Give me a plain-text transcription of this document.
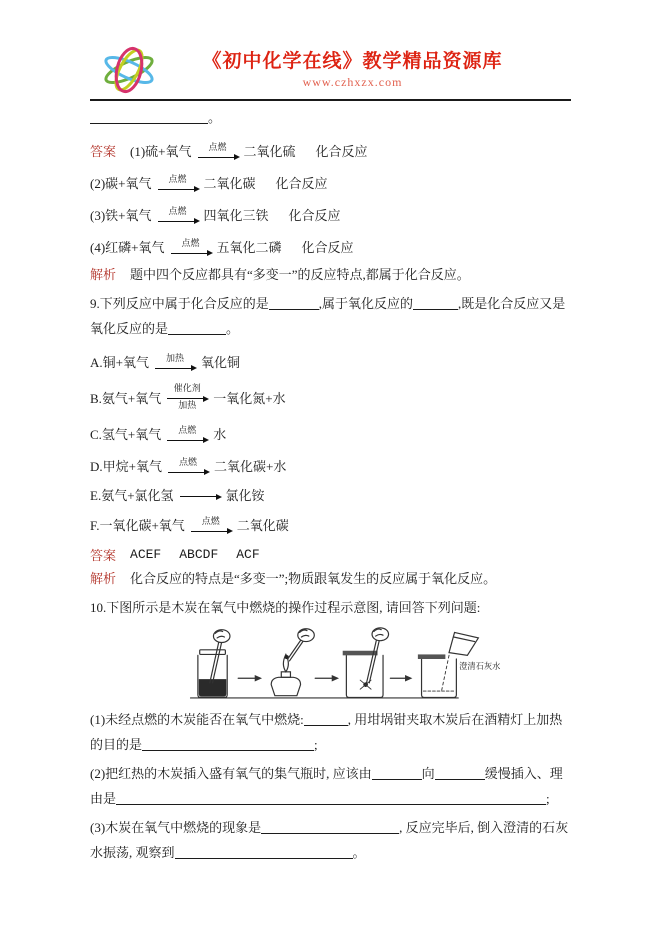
《初中化学在线》教学精品资源库
www.czhxzx.com

。

答案 (1)硫+氧气 点燃 二氧化硫 化合反应
(2)碳+氧气 点燃 二氧化碳 化合反应
(3)铁+氧气 点燃 四氧化三铁 化合反应
(4)红磷+氧气 点燃 五氧化二磷 化合反应

解析 题中四个反应都具有“多变一”的反应特点,都属于化合反应。

9.下列反应中属于化合反应的是	,属于氧化反应的	,既是化合反应又是氧化反应的是	。

A.铜+氧气 加热 氧化铜
B.氨气+氧气
催化剂
加热 一氧化氮+水
C.氢气+氧气 点燃 水
D.甲烷+氧气 点燃 二氧化碳+水
E.氨气+氯化氢	氯化铵
F.一氧化碳+氧气 点燃 二氧化碳
答案 ACEF ABCDF ACF

解析 化合反应的特点是“多变一”;物质跟氧发生的反应属于氧化反应。

10.下图所示是木炭在氧气中燃烧的操作过程示意图, 请回答下列问题:

澄清石灰水

(1)未经点燃的木炭能否在氧气中燃烧:	, 用坩埚钳夹取木炭后在酒精灯上加热的目的是	;

(2)把红热的木炭插入盛有氧气的集气瓶时, 应该由	向	缓慢插入、理由是	;

(3)木炭在氧气中燃烧的现象是	, 反应完毕后, 倒入澄清的石灰水振荡, 观察到	。
